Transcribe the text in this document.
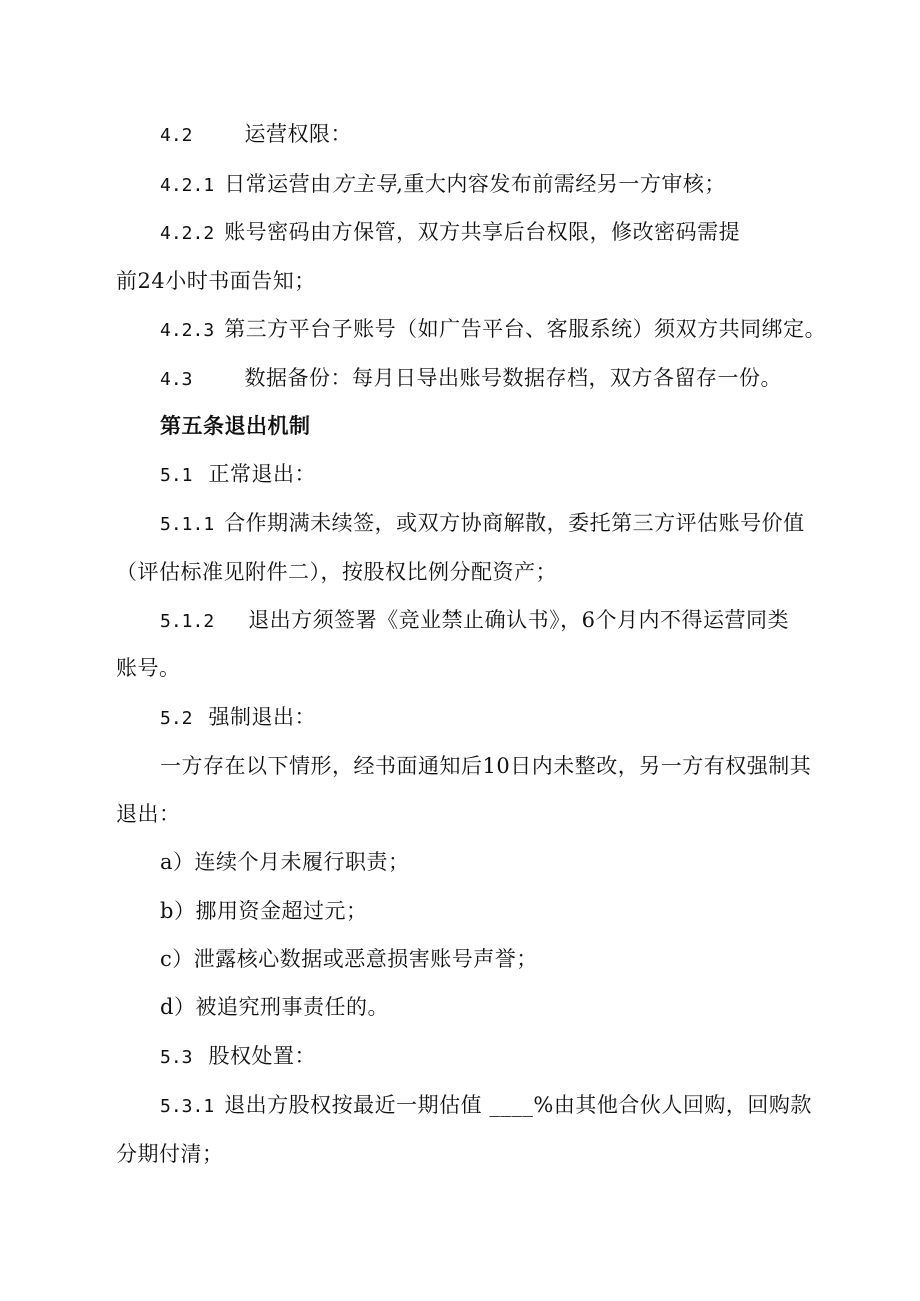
4.2 运营权限：
4.2.1 日常运营由方主导,重大内容发布前需经另一方审核；
4.2.2 账号密码由方保管，双方共享后台权限，修改密码需提
前24小时书面告知；
4.2.3 第三方平台子账号（如广告平台、客服系统）须双方共同绑定。
4.3 数据备份：每月日导出账号数据存档，双方各留存一份。
第五条退出机制
5.1 正常退出：
5.1.1 合作期满未续签，或双方协商解散，委托第三方评估账号价值
（评估标准见附件二），按股权比例分配资产；
5.1.2 退出方须签署《竞业禁止确认书》，6个月内不得运营同类
账号。
5.2 强制退出：
一方存在以下情形，经书面通知后10日内未整改，另一方有权强制其
退出：
a）连续个月未履行职责；
b）挪用资金超过元；
c）泄露核心数据或恶意损害账号声誉；
d）被追究刑事责任的。
5.3 股权处置：
5.3.1 退出方股权按最近一期估值 ____%由其他合伙人回购，回购款
分期付清；
